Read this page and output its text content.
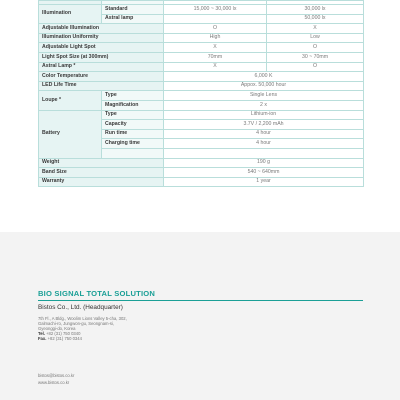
Illumination	Standard	15,000 ~ 30,000 lx	30,000 lx
	Astral lamp		50,000 lx
Adjustable Illumination		O	X
Illumination Uniformity		High	Low
Adjustable Light Spot		X	O
Light Spot Size (at 300mm)		70mm	30 ~ 70mm
Astral Lamp *		X	O
Color Temperature		6,000 K	
LED Life Time		Appox. 50,000 hour	
Loupe *	Type	Single Lens	
	Magnification	2 x	
Battery	Type	Lithium-ion	
	Capacity	3.7V / 2,200 mAh	
	Run time	4 hour	
	Charging time	4 hour	

Weight		190 g	
Band Size		540 ~ 640mm	
Warranty		1 year	
BIO SIGNAL TOTAL SOLUTION
Bistos Co., Ltd. (Headquarter)
7th Fl., A Bldg., Woolim Lions Valley 5-cha, 302,
Galmachi-ro, Jungwon-gu, Seongnam-si,
Gyeonggi-do, Korea
Tel. +82 (31) 750 0340
Fax. +82 (31) 750 0344
bistos@bistos.co.kr
www.bistos.co.kr
